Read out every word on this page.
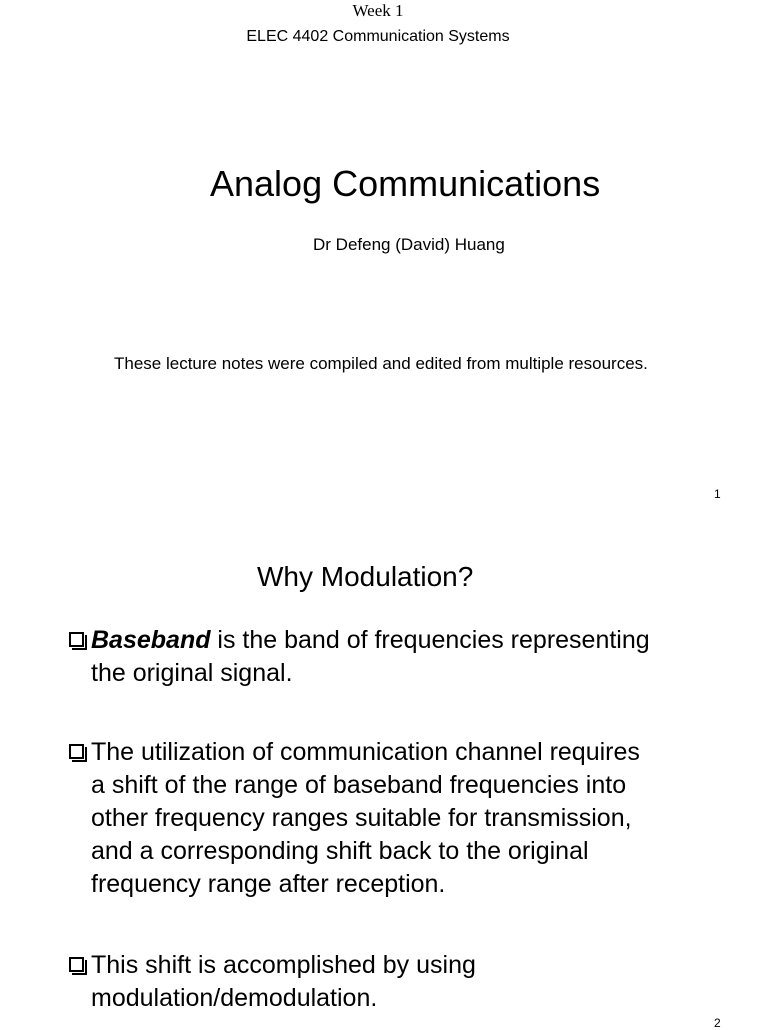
Week 1
ELEC 4402 Communication Systems
Analog Communications
Dr Defeng (David) Huang
These lecture notes were compiled and edited from multiple resources.
1
Why Modulation?
Baseband is the band of frequencies representing
the original signal.
The utilization of communication channel requires
a shift of the range of baseband frequencies into
other frequency ranges suitable for transmission,
and a corresponding shift back to the original
frequency range after reception.
This shift is accomplished by using
modulation/demodulation.
2
